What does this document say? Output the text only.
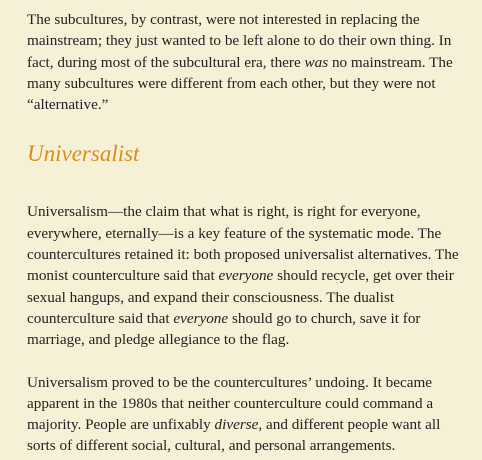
The subcultures, by contrast, were not interested in replacing the mainstream; they just wanted to be left alone to do their own thing. In fact, during most of the subcultural era, there was no mainstream. The many subcultures were different from each other, but they were not “alternative.”

Universalist

Universalism—the claim that what is right, is right for everyone, everywhere, eternally—is a key feature of the systematic mode. The countercultures retained it: both proposed universalist alternatives. The monist counterculture said that everyone should recycle, get over their sexual hangups, and expand their consciousness. The dualist counterculture said that everyone should go to church, save it for marriage, and pledge allegiance to the flag.

Universalism proved to be the countercultures’ undoing. It became apparent in the 1980s that neither counterculture could command a majority. People are unfixably diverse, and different people want all sorts of different social, cultural, and personal arrangements.
